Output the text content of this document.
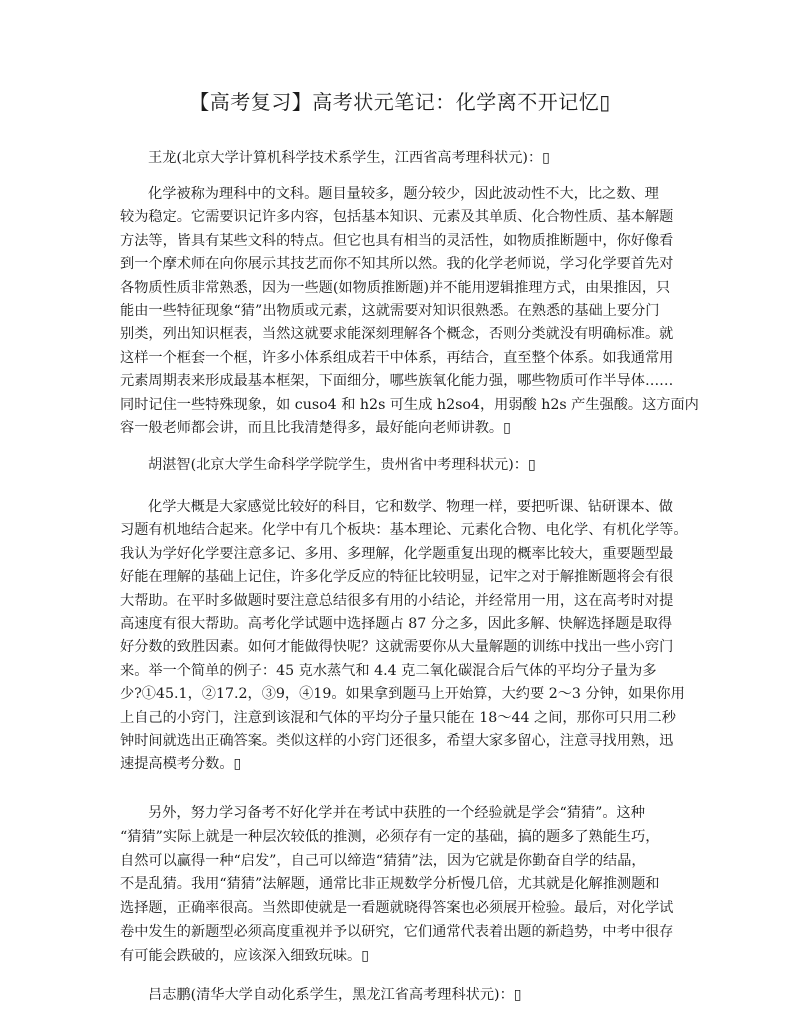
【高考复习】高考状元笔记：化学离不开记忆▯
王龙(北京大学计算机科学技术系学生，江西省高考理科状元)：▯
化学被称为理科中的文科。题目量较多，题分较少，因此波动性不大，比之数、理
较为稳定。它需要识记许多内容，包括基本知识、元素及其单质、化合物性质、基本解题
方法等，皆具有某些文科的特点。但它也具有相当的灵活性，如物质推断题中，你好像看
到一个摩术师在向你展示其技艺而你不知其所以然。我的化学老师说，学习化学要首先对
各物质性质非常熟悉，因为一些题(如物质推断题)并不能用逻辑推理方式，由果推因，只
能由一些特征现象“猜”出物质或元素，这就需要对知识很熟悉。在熟悉的基础上要分门
别类，列出知识框表，当然这就要求能深刻理解各个概念，否则分类就没有明确标准。就
这样一个框套一个框，许多小体系组成若干中体系，再结合，直至整个体系。如我通常用
元素周期表来形成最基本框架，下面细分，哪些族氧化能力强，哪些物质可作半导体……
同时记住一些特殊现象，如 cuso4 和 h2s 可生成 h2so4，用弱酸 h2s 产生强酸。这方面内
容一般老师都会讲，而且比我清楚得多，最好能向老师讲教。▯
胡湛智(北京大学生命科学学院学生，贵州省中考理科状元)：▯
化学大概是大家感觉比较好的科目，它和数学、物理一样，要把听课、钻研课本、做
习题有机地结合起来。化学中有几个板块：基本理论、元素化合物、电化学、有机化学等。
我认为学好化学要注意多记、多用、多理解，化学题重复出现的概率比较大，重要题型最
好能在理解的基础上记住，许多化学反应的特征比较明显，记牢之对于解推断题将会有很
大帮助。在平时多做题时要注意总结很多有用的小结论，并经常用一用，这在高考时对提
高速度有很大帮助。高考化学试题中选择题占 87 分之多，因此多解、快解选择题是取得
好分数的致胜因素。如何才能做得快呢？这就需要你从大量解题的训练中找出一些小窍门
来。举一个简单的例子：45 克水蒸气和 4.4 克二氧化碳混合后气体的平均分子量为多
少?①45.1，②17.2，③9，④19。如果拿到题马上开始算，大约要 2～3 分钟，如果你用
上自己的小窍门，注意到该混和气体的平均分子量只能在 18～44 之间，那你可只用二秒
钟时间就选出正确答案。类似这样的小窍门还很多，希望大家多留心，注意寻找用熟，迅
速提高模考分数。▯
另外，努力学习备考不好化学并在考试中获胜的一个经验就是学会“猜猜”。这种
“猜猜”实际上就是一种层次较低的推测，必须存有一定的基础，搞的题多了熟能生巧，
自然可以赢得一种“启发”，自己可以缔造“猜猜”法，因为它就是你勤奋自学的结晶，
不是乱猜。我用“猜猜”法解题，通常比非正规数学分析慢几倍，尤其就是化解推测题和
选择题，正确率很高。当然即使就是一看题就晓得答案也必须展开检验。最后，对化学试
卷中发生的新题型必须高度重视并予以研究，它们通常代表着出题的新趋势，中考中很存
有可能会跌破的，应该深入细致玩味。▯
吕志鹏(清华大学自动化系学生，黑龙江省高考理科状元)：▯
